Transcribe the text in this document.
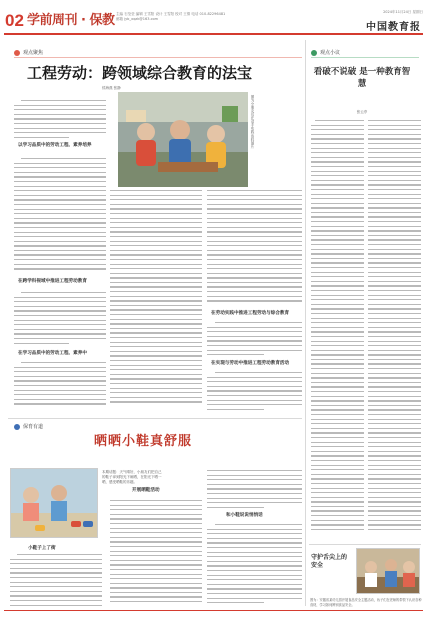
02 学前周刊 · 保教 主编 石莹莹 编辑 王雪阳 设计 王雪阳 校对 王倩 电话 010-82296481 邮箱 jyb_xqzk@163.com
2024年11月24日 星期日
中国教育报
观点聚焦
工程劳动：跨领域综合教育的法宝
侯海燕 张静
图为小朋友们在动手实践 资料图片
以学习品质中的劳动工程、素养培养
在跨学科视域中推进工程劳动教育
在学习品质中的劳动工程、素养中
在劳动实践中推进工程劳动与综合教育
在实现与劳动中推进工程劳动教育活动
观点小议
看破不说破 是一种教育智慧
张云亭
守护舌尖上的安全
图为：安徽省某幼儿园开展食品安全主题活动，孩子们在老师的带领下认识各种食材，学习如何辨别食品安全。
保育有道
晒晒小鞋真舒服
本期话题：天气晴好，小朋友们把自己的鞋子拿到阳光下晾晒，在阳光下晒一晒，感受晒鞋的乐趣。
小鞋子上了街
开展晒鞋活动
和小鞋说说悄悄话
